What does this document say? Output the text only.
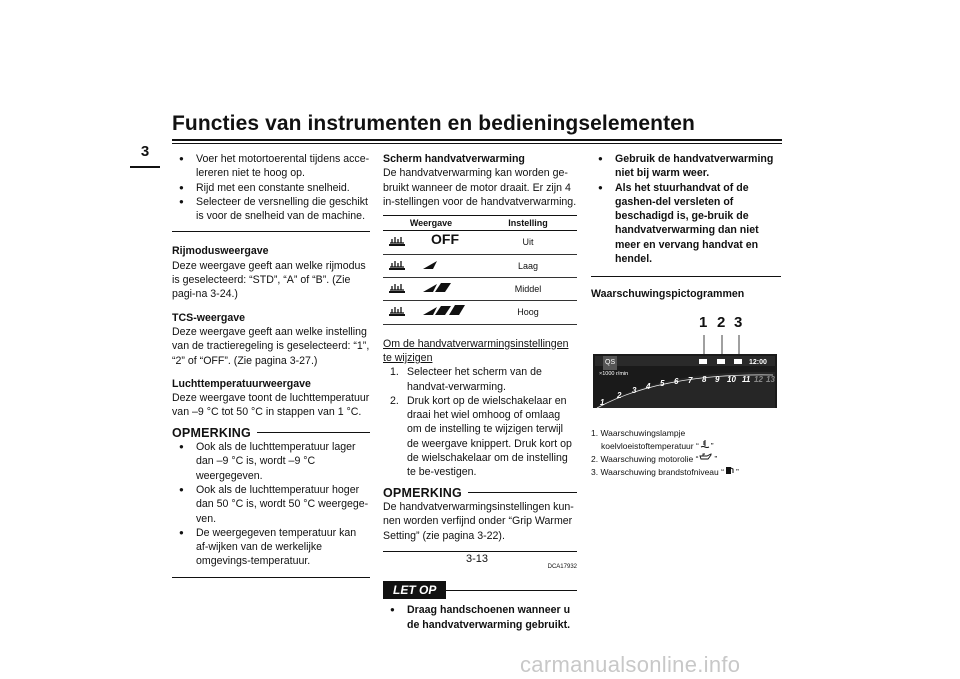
Functies van instrumenten en bedieningselementen
3	● Voer het motortoerental tijdens acce-lereren niet te hoog op.
● Rijd met een constante snelheid.
● Selecteer de versnelling die geschikt is voor de snelheid van de machine.
Rijmodusweergave
Deze weergave geeft aan welke rijmodus is geselecteerd: “STD”, “A” of “B”. (Zie pagi-na 3-24.)
TCS-weergave
Deze weergave geeft aan welke instelling van de tractieregeling is geselecteerd: “1”, “2” of “OFF”. (Zie pagina 3-27.)
Luchttemperatuurweergave
Deze weergave toont de luchttemperatuur van –9 °C tot 50 °C in stappen van 1 °C.
OPMERKING
● Ook als de luchttemperatuur lager dan –9 °C is, wordt –9 °C weergegeven.
● Ook als de luchttemperatuur hoger dan 50 °C is, wordt 50 °C weergege-ven.
● De weergegeven temperatuur kan af-wijken van de werkelijke omgevings-temperatuur.
Scherm handvatverwarming
De handvatverwarming kan worden ge-bruikt wanneer de motor draait. Er zijn 4 in-stellingen voor de handvatverwarming.
Weergave	Instelling

OFF	Uit
	Laag
	Middel
	Hoog
Om de handvatverwarmingsinstellingen te wijzigen
1. Selecteer het scherm van de handvat-verwarming.
2. Druk kort op de wielschakelaar en draai het wiel omhoog of omlaag om de instelling te wijzigen terwijl de weergave knippert. Druk kort op de wielschakelaar om de instelling te be-vestigen.
OPMERKING
De handvatverwarmingsinstellingen kun-nen worden verfijnd onder “Grip Warmer Setting” (zie pagina 3-22).
DCA17932
LET OP
● Draag handschoenen wanneer u de handvatverwarming gebruikt.
● Gebruik de handvatverwarming niet bij warm weer.
● Als het stuurhandvat of de gashen-del versleten of beschadigd is, ge-bruik de handvatverwarming dan niet meer en vervang handvat en hendel.
Waarschuwingspictogrammen
1 2 3
QS
×1000 r/min
12:00
1
2
3 4 5 6 7 8 9 10 11 12 13
1. Waarschuwingslampje
koelvloeistoftemperatuur “ ”
2. Waarschuwing motorolie “ ”
3. Waarschuwing brandstofniveau “ ”
3-13
carmanualsonline.info
